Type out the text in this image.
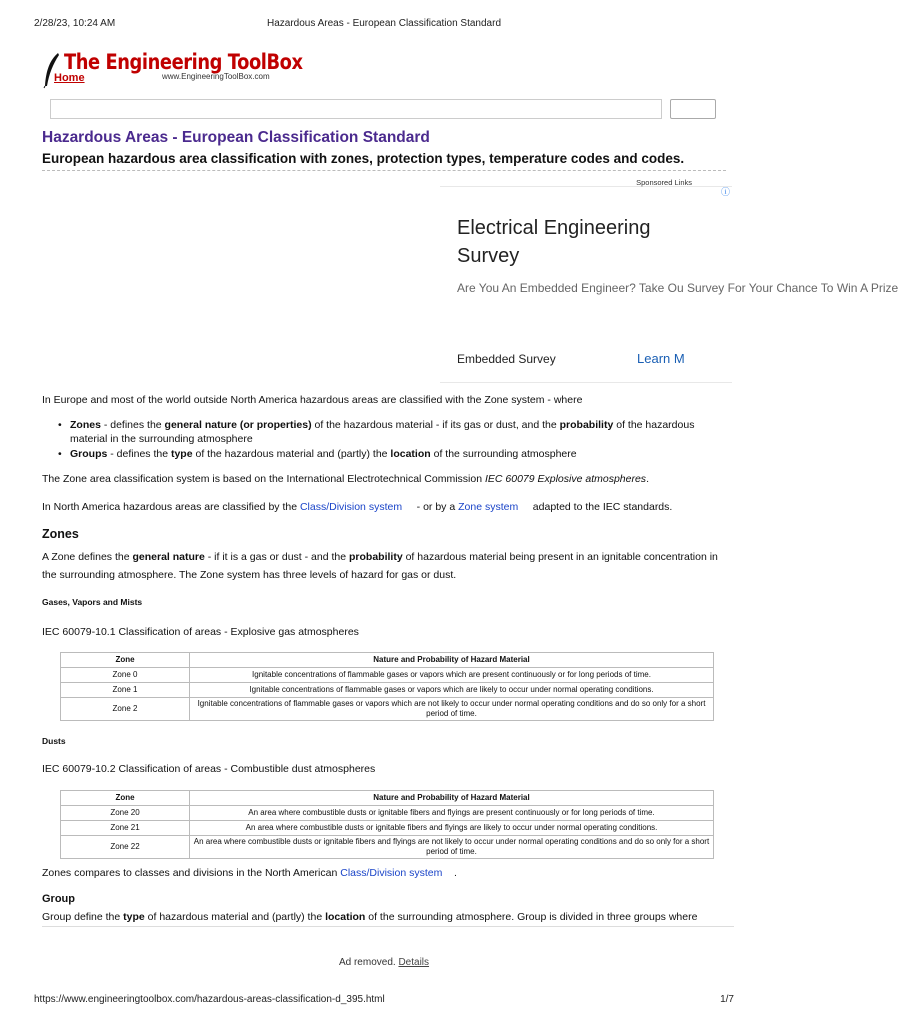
2/28/23, 10:24 AM	Hazardous Areas - European Classification Standard
The Engineering ToolBox
Home	www.EngineeringToolBox.com
Hazardous Areas - European Classification Standard
European hazardous area classification with zones, protection types, temperature codes and codes.
Sponsored Links
ⓘ
Electrical Engineering Survey
Are You An Embedded Engineer? Take Ou Survey For Your Chance To Win A Prize
Embedded Survey	Learn M
In Europe and most of the world outside North America hazardous areas are classified with the Zone system - where
• Zones - defines the general nature (or properties) of the hazardous material - if its gas or dust, and the probability of the hazardous material in the surrounding atmosphere
• Groups - defines the type of the hazardous material and (partly) the location of the surrounding atmosphere
The Zone area classification system is based on the International Electrotechnical Commission IEC 60079 Explosive atmospheres.
In North America hazardous areas are classified by the Class/Division system     - or by a Zone system     adapted to the IEC standards.
Zones
A Zone defines the general nature - if it is a gas or dust - and the probability of hazardous material being present in an ignitable concentration in the surrounding atmosphere. The Zone system has three levels of hazard for gas or dust.
Gases, Vapors and Mists
IEC 60079-10.1 Classification of areas - Explosive gas atmospheres
Zone	Nature and Probability of Hazard Material
Zone 0	Ignitable concentrations of flammable gases or vapors which are present continuously or for long periods of time.
Zone 1	Ignitable concentrations of flammable gases or vapors which are likely to occur under normal operating conditions.
Zone 2	Ignitable concentrations of flammable gases or vapors which are not likely to occur under normal operating conditions and do so only for a short period of time.
Dusts
IEC 60079-10.2 Classification of areas - Combustible dust atmospheres
Zone	Nature and Probability of Hazard Material
Zone 20	An area where combustible dusts or ignitable fibers and flyings are present continuously or for long periods of time.
Zone 21	An area where combustible dusts or ignitable fibers and flyings are likely to occur under normal operating conditions.
Zone 22	An area where combustible dusts or ignitable fibers and flyings are not likely to occur under normal operating conditions and do so only for a short period of time.
Zones compares to classes and divisions in the North American Class/Division system    .
Group
Group define the type of hazardous material and (partly) the location of the surrounding atmosphere. Group is divided in three groups where
Ad removed. Details
https://www.engineeringtoolbox.com/hazardous-areas-classification-d_395.html	1/7
